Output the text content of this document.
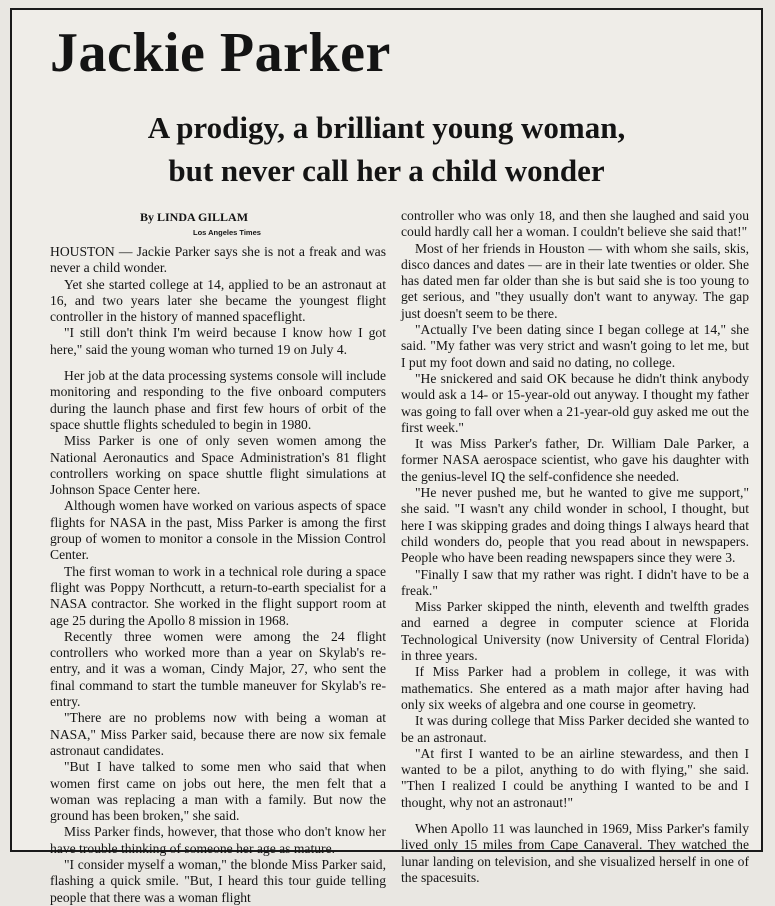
Jackie Parker
A prodigy, a brilliant young woman,
but never call her a child wonder
By LINDA GILLAM
Los Angeles Times

HOUSTON — Jackie Parker says she is not a freak and was never a child wonder.

Yet she started college at 14, applied to be an astronaut at 16, and two years later she became the youngest flight controller in the history of manned spaceflight.

"I still don't think I'm weird because I know how I got here," said the young woman who turned 19 on July 4.

Her job at the data processing systems console will include monitoring and responding to the five onboard computers during the launch phase and first few hours of orbit of the space shuttle flights scheduled to begin in 1980.

Miss Parker is one of only seven women among the National Aeronautics and Space Administration's 81 flight controllers working on space shuttle flight simulations at Johnson Space Center here.

Although women have worked on various aspects of space flights for NASA in the past, Miss Parker is among the first group of women to monitor a console in the Mission Control Center.

The first woman to work in a technical role during a space flight was Poppy Northcutt, a return-to-earth specialist for a NASA contractor. She worked in the flight support room at age 25 during the Apollo 8 mission in 1968.

Recently three women were among the 24 flight controllers who worked more than a year on Skylab's re-entry, and it was a woman, Cindy Major, 27, who sent the final command to start the tumble maneuver for Skylab's re-entry.

"There are no problems now with being a woman at NASA," Miss Parker said, because there are now six female astronaut candidates.

"But I have talked to some men who said that when women first came on jobs out here, the men felt that a woman was replacing a man with a family. But now the ground has been broken," she said.

Miss Parker finds, however, that those who don't know her have trouble thinking of someone her age as mature.

"I consider myself a woman," the blonde Miss Parker said, flashing a quick smile. "But, I heard this tour guide telling people that there was a woman flight

controller who was only 18, and then she laughed and said you could hardly call her a woman. I couldn't believe she said that!"

Most of her friends in Houston — with whom she sails, skis, disco dances and dates — are in their late twenties or older. She has dated men far older than she is but said she is too young to get serious, and "they usually don't want to anyway. The gap just doesn't seem to be there.

"Actually I've been dating since I began college at 14," she said. "My father was very strict and wasn't going to let me, but I put my foot down and said no dating, no college.

"He snickered and said OK because he didn't think anybody would ask a 14- or 15-year-old out anyway. I thought my father was going to fall over when a 21-year-old guy asked me out the first week."

It was Miss Parker's father, Dr. William Dale Parker, a former NASA aerospace scientist, who gave his daughter with the genius-level IQ the self-confidence she needed.

"He never pushed me, but he wanted to give me support," she said. "I wasn't any child wonder in school, I thought, but here I was skipping grades and doing things I always heard that child wonders do, people that you read about in newspapers. People who have been reading newspapers since they were 3.

"Finally I saw that my rather was right. I didn't have to be a freak."

Miss Parker skipped the ninth, eleventh and twelfth grades and earned a degree in computer science at Florida Technological University (now University of Central Florida) in three years.

If Miss Parker had a problem in college, it was with mathematics. She entered as a math major after having had only six weeks of algebra and one course in geometry.

It was during college that Miss Parker decided she wanted to be an astronaut.

"At first I wanted to be an airline stewardess, and then I wanted to be a pilot, anything to do with flying," she said. "Then I realized I could be anything I wanted to be and I thought, why not an astronaut!"

When Apollo 11 was launched in 1969, Miss Parker's family lived only 15 miles from Cape Canaveral. They watched the lunar landing on television, and she visualized herself in one of the spacesuits.
